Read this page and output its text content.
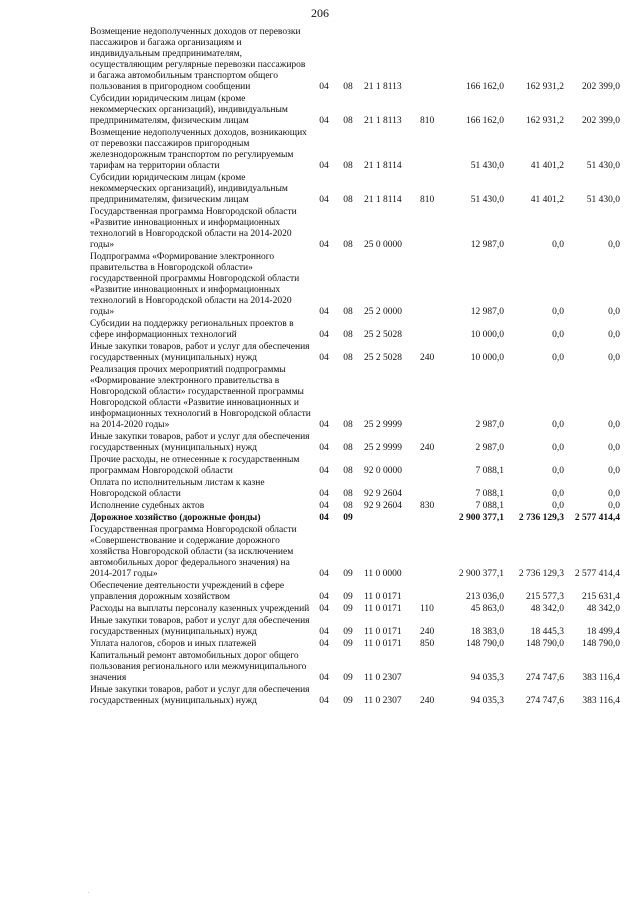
206
Возмещение недополученных доходов от перевозки пассажиров и багажа организациям и индивидуальным предпринимателям, осуществляющим регулярные перевозки пассажиров и багажа автомобильным транспортом общего пользования в пригородном сообщении	04	08	21 1 8113		166 162,0	162 931,2	202 399,0
Субсидии юридическим лицам (кроме некоммерческих организаций), индивидуальным предпринимателям, физическим лицам	04	08	21 1 8113	810	166 162,0	162 931,2	202 399,0
Возмещение недополученных доходов, возникающих от перевозки пассажиров пригородным железнодорожным транспортом по регулируемым тарифам на территории области	04	08	21 1 8114		51 430,0	41 401,2	51 430,0
Субсидии юридическим лицам (кроме некоммерческих организаций), индивидуальным предпринимателям, физическим лицам	04	08	21 1 8114	810	51 430,0	41 401,2	51 430,0
Государственная программа Новгородской области «Развитие инновационных и информационных технологий в Новгородской области на 2014-2020 годы»	04	08	25 0 0000		12 987,0	0,0	0,0
Подпрограмма «Формирование электронного правительства в Новгородской области» государственной программы Новгородской области «Развитие инновационных и информационных технологий в Новгородской области на 2014-2020 годы»	04	08	25 2 0000		12 987,0	0,0	0,0
Субсидии на поддержку региональных проектов в сфере информационных технологий	04	08	25 2 5028		10 000,0	0,0	0,0
Иные закупки товаров, работ и услуг для обеспечения государственных (муниципальных) нужд	04	08	25 2 5028	240	10 000,0	0,0	0,0
Реализация прочих мероприятий подпрограммы «Формирование электронного правительства в Новгородской области» государственной программы Новгородской области «Развитие инновационных и информационных технологий в Новгородской области на 2014-2020 годы»	04	08	25 2 9999		2 987,0	0,0	0,0
Иные закупки товаров, работ и услуг для обеспечения государственных (муниципальных) нужд	04	08	25 2 9999	240	2 987,0	0,0	0,0
Прочие расходы, не отнесенные к государственным программам Новгородской области	04	08	92 0 0000		7 088,1	0,0	0,0
Оплата по исполнительным листам к казне Новгородской области	04	08	92 9 2604		7 088,1	0,0	0,0
Исполнение судебных актов	04	08	92 9 2604	830	7 088,1	0,0	0,0
Дорожное хозяйство (дорожные фонды)	04	09			2 900 377,1	2 736 129,3	2 577 414,4
Государственная программа Новгородской области «Совершенствование и содержание дорожного хозяйства Новгородской области (за исключением автомобильных дорог федерального значения) на 2014-2017 годы»	04	09	11 0 0000		2 900 377,1	2 736 129,3	2 577 414,4
Обеспечение деятельности учреждений в сфере управления дорожным хозяйством	04	09	11 0 0171		213 036,0	215 577,3	215 631,4
Расходы на выплаты персоналу казенных учреждений	04	09	11 0 0171	110	45 863,0	48 342,0	48 342,0
Иные закупки товаров, работ и услуг для обеспечения государственных (муниципальных) нужд	04	09	11 0 0171	240	18 383,0	18 445,3	18 499,4
Уплата налогов, сборов и иных платежей	04	09	11 0 0171	850	148 790,0	148 790,0	148 790,0
Капитальный ремонт автомобильных дорог общего пользования регионального или межмуниципального значения	04	09	11 0 2307		94 035,3	274 747,6	383 116,4
Иные закупки товаров, работ и услуг для обеспечения государственных (муниципальных) нужд	04	09	11 0 2307	240	94 035,3	274 747,6	383 116,4
.
